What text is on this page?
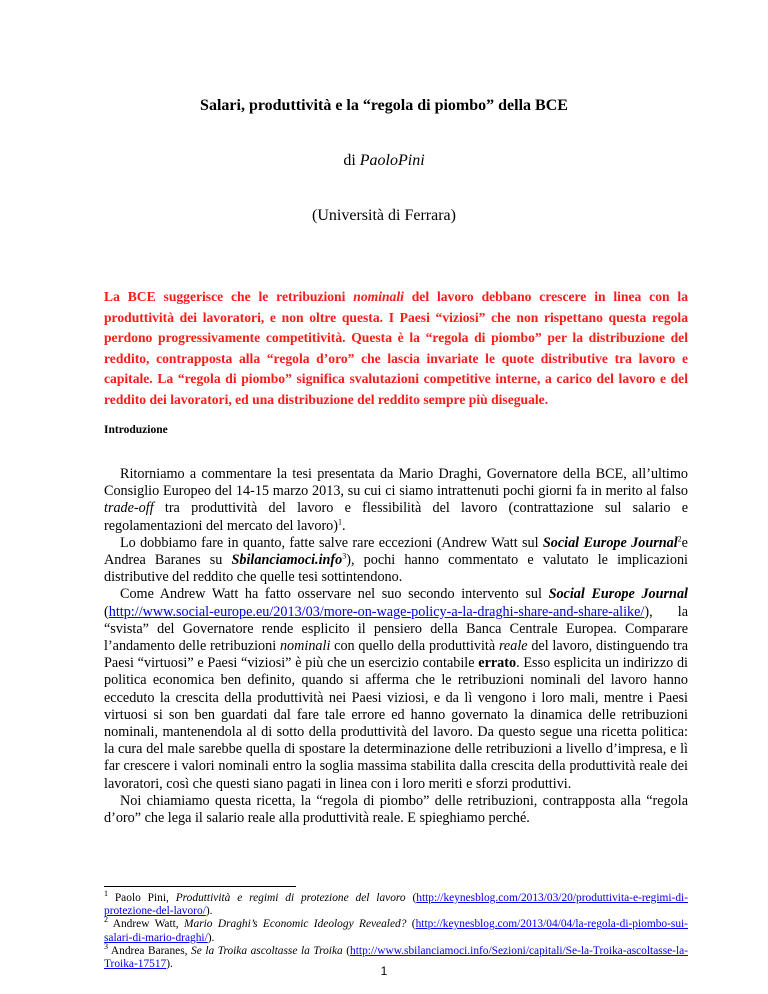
Salari, produttività e la “regola di piombo” della BCE
di PaoloPini
(Università di Ferrara)
La BCE suggerisce che le retribuzioni nominali del lavoro debbano crescere in linea con la produttività dei lavoratori, e non oltre questa. I Paesi “viziosi” che non rispettano questa regola perdono progressivamente competitività. Questa è la “regola di piombo” per la distribuzione del reddito, contrapposta alla “regola d’oro” che lascia invariate le quote distributive tra lavoro e capitale. La “regola di piombo” significa svalutazioni competitive interne, a carico del lavoro e del reddito dei lavoratori, ed una distribuzione del reddito sempre più diseguale.
Introduzione

Ritorniamo a commentare la tesi presentata da Mario Draghi, Governatore della BCE, all’ultimo Consiglio Europeo del 14-15 marzo 2013, su cui ci siamo intrattenuti pochi giorni fa in merito al falso trade-off tra produttività del lavoro e flessibilità del lavoro (contrattazione sul salario e regolamentazioni del mercato del lavoro)$^1$.

Lo dobbiamo fare in quanto, fatte salve rare eccezioni (Andrew Watt sul Social Europe Journal$^2$e Andrea Baranes su Sbilanciamoci.info$^3$), pochi hanno commentato e valutato le implicazioni distributive del reddito che quelle tesi sottintendono.

Come Andrew Watt ha fatto osservare nel suo secondo intervento sul Social Europe Journal (http://www.social-europe.eu/2013/03/more-on-wage-policy-a-la-draghi-share-and-share-alike/), la “svista” del Governatore rende esplicito il pensiero della Banca Centrale Europea. Comparare l’andamento delle retribuzioni nominali con quello della produttività reale del lavoro, distinguendo tra Paesi “virtuosi” e Paesi “viziosi” è più che un esercizio contabile errato. Esso esplicita un indirizzo di politica economica ben definito, quando si afferma che le retribuzioni nominali del lavoro hanno ecceduto la crescita della produttività nei Paesi viziosi, e da lì vengono i loro mali, mentre i Paesi virtuosi si son ben guardati dal fare tale errore ed hanno governato la dinamica delle retribuzioni nominali, mantenendola al di sotto della produttività del lavoro. Da questo segue una ricetta politica: la cura del male sarebbe quella di spostare la determinazione delle retribuzioni a livello d’impresa, e lì far crescere i valori nominali entro la soglia massima stabilita dalla crescita della produttività reale dei lavoratori, così che questi siano pagati in linea con i loro meriti e sforzi produttivi.

Noi chiamiamo questa ricetta, la “regola di piombo” delle retribuzioni, contrapposta alla “regola d’oro” che lega il salario reale alla produttività reale. E spieghiamo perché.

$^1$ Paolo Pini, Produttività e regimi di protezione del lavoro (http://keynesblog.com/2013/03/20/produttivita-e-regimi-di-protezione-del-lavoro/).

$^2$ Andrew Watt, Mario Draghi’s Economic Ideology Revealed? (http://keynesblog.com/2013/04/04/la-regola-di-piombo-sui-salari-di-mario-draghi/).

$^3$ Andrea Baranes, Se la Troika ascoltasse la Troika (http://www.sbilanciamoci.info/Sezioni/capitali/Se-la-Troika-ascoltasse-la-Troika-17517).	1
